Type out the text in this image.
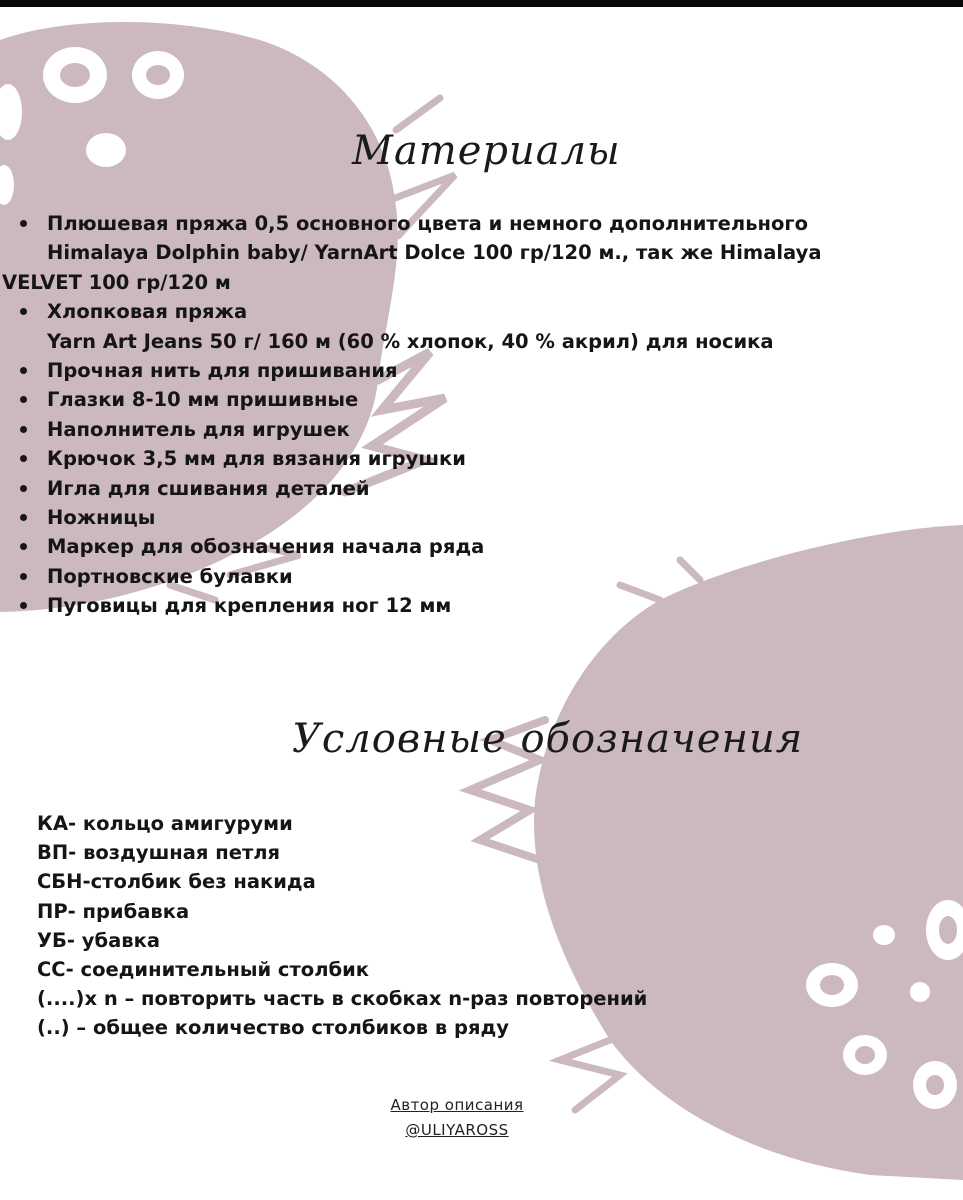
Материалы
Плюшевая пряжа 0,5 основного цвета и немного дополнительного
Himalaya Dolphin baby/ YarnArt Dolce 100 гр/120 м., так же Himalaya
VELVET 100 гр/120 м
Хлопковая пряжа
Yarn Art Jeans 50 г/ 160 м (60 % хлопок, 40 % акрил) для носика
Прочная нить для пришивания
Глазки 8-10 мм пришивные
Наполнитель для игрушек
Крючок 3,5 мм для вязания игрушки
Игла для сшивания деталей
Ножницы
Маркер для обозначения начала ряда
Портновские булавки
Пуговицы для крепления ног 12 мм
Условные обозначения
КА- кольцо амигуруми
ВП- воздушная петля
СБН-столбик без накида
ПР- прибавка
УБ- убавка
СС- соединительный столбик
(....)х n – повторить часть в скобках n-раз повторений
(..) – общее количество столбиков в ряду
Автор описания
@ULIYAROSS
